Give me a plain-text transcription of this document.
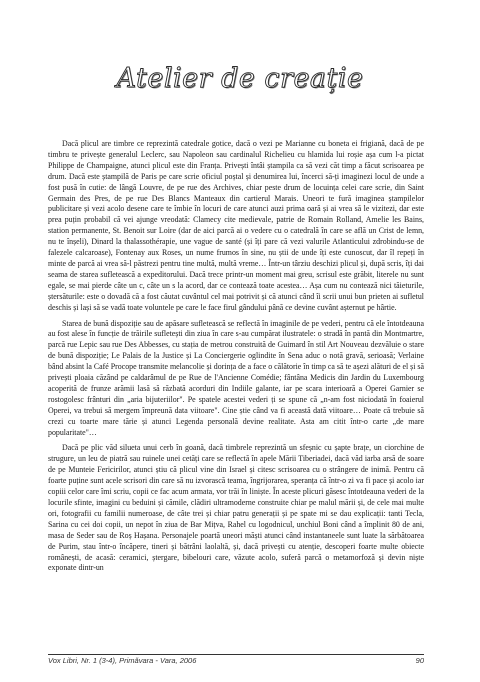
Atelier de creație

Dacă plicul are timbre ce reprezintă catedrale gotice, dacă o vezi pe Marianne cu boneta ei frigiană, dacă de pe timbru te privește generalul Leclerc, sau Napoleon sau cardinalul Richelieu cu hlamida lui roșie așa cum l-a pictat Philippe de Champaigne, atunci plicul este din Franța. Privești întâi ștampila ca să vezi căt timp a făcut scrisoarea pe drum. Dacă este ștampilă de Paris pe care scrie oficiul poștal și denumirea lui, încerci să-ți imaginezi locul de unde a fost pusă în cutie: de lângă Louvre, de pe rue des Archives, chiar peste drum de locuința celei care scrie, din Saint Germain des Pres, de pe rue Des Blancs Manteaux din cartierul Marais. Uneori te fură imaginea ștampilelor publicitare și vezi acolo desene care te îmbie în locuri de care atunci auzi prima oară și ai vrea să le vizitezi, dar este prea puțin probabil că vei ajunge vreodată: Clamecy cite medievale, patrie de Romain Rolland, Amelie les Bains, station permanente, St. Benoit sur Loire (dar de aici parcă ai o vedere cu o catedrală în care se află un Crist de lemn, nu te înșeli), Dinard la thalassothérapie, une vague de santé (și îți pare că vezi valurile Atlanticului zdrobindu-se de falezele calcaroase), Fontenay aux Roses, un nume frumos în sine, nu știi de unde îți este cunoscut, dar îl repeți în minte de parcă ai vrea să-l păstrezi pentru tine multă, multă vreme… Într-un târziu deschizi plicul și, după scris, îți dai seama de starea sufletească a expeditorului. Dacă trece printr-un moment mai greu, scrisul este grăbit, literele nu sunt egale, se mai pierde câte un c, câte un s la acord, dar ce contează toate acestea… Așa cum nu contează nici tăieturile, ștersăturile: este o dovadă că a fost căutat cuvântul cel mai potrivit și că atunci când îi scrii unui bun prieten ai sufletul deschis și lași să se vadă toate voluntele pe care le face firul gândului până ce devine cuvânt așternut pe hârtie.

Starea de bună dispoziție sau de apăsare sufletească se reflectă în imaginile de pe vederi, pentru că ele întotdeauna au fost alese în funcție de trăirile sufletești din ziua în care s-au cumpărat ilustratele: o stradă în pantă din Montmartre, parcă rue Lepic sau rue Des Abbesses, cu stația de metrou construită de Guimard în stil Art Nouveau dezvăluie o stare de bună dispoziție; Le Palais de la Justice și La Conciergerie oglindite în Sena aduc o notă gravă, serioasă; Verlaine bând absint la Café Procope transmite melancolie și dorința de a face o călătorie în timp ca să te așezi alături de el și să privești ploaia căzând pe caldarâmul de pe Rue de l'Ancienne Comédie; fântâna Medicis din Jardin du Luxembourg acoperită de frunze arămii lasă să răzbată acorduri din Indiile galante, iar pe scara interioară a Operei Garnier se rostogolesc frânturi din „aria bijuteriilor". Pe spatele acestei vederi ți se spune că „n-am fost niciodată în foaierul Operei, va trebui să mergem împreună data viitoare". Cine știe când va fi această dată viitoare… Poate că trebuie să crezi cu toarte mare tărie și atunci Legenda personală devine realitate. Asta am citit într-o carte „de mare popularitate"…

Dacă pe plic văd silueta unui cerb în goană, dacă timbrele reprezintă un sfeșnic cu șapte brațe, un ciorchine de strugure, un leu de piatră sau ruinele unei cetăți care se reflectă în apele Mării Tiberiadei, dacă văd iarba arsă de soare de pe Munteie Fericirilor, atunci știu că plicul vine din Israel și citesc scrisoarea cu o strângere de inimă. Pentru că foarte puține sunt acele scrisori din care să nu izvorască teama, îngrijorarea, speranța că într-o zi va fi pace și acolo iar copiii celor care îmi scriu, copii ce fac acum armata, vor trăi în liniște. În aceste plicuri găsesc întotdeauna vederi de la locurile sfinte, imagini cu beduini și cămile, clădiri ultramoderne construite chiar pe malul mării și, de cele mai multe ori, fotografii cu familii numeroase, de câte trei și chiar patru generații și pe spate mi se dau explicații: tanti Tecla, Sarina cu cei doi copii, un nepot în ziua de Bar Mițva, Rahel cu logodnicul, unchiul Boni când a împlinit 80 de ani, masa de Seder sau de Roș Hașana. Personajele poartă uneori măști atunci când instantaneele sunt luate la sărbătoarea de Purim, stau într-o încăpere, tineri și bătrâni laolaltă, și, dacă privești cu atenție, descoperi foarte multe obiecte românești, de acasă: ceramici, ștergare, bibelouri care, văzute acolo, suferă parcă o metamorfoză și devin niște exponate dintr-un

Vox Libri, Nr. 1 (3-4), Primăvara - Vara, 2006	90
